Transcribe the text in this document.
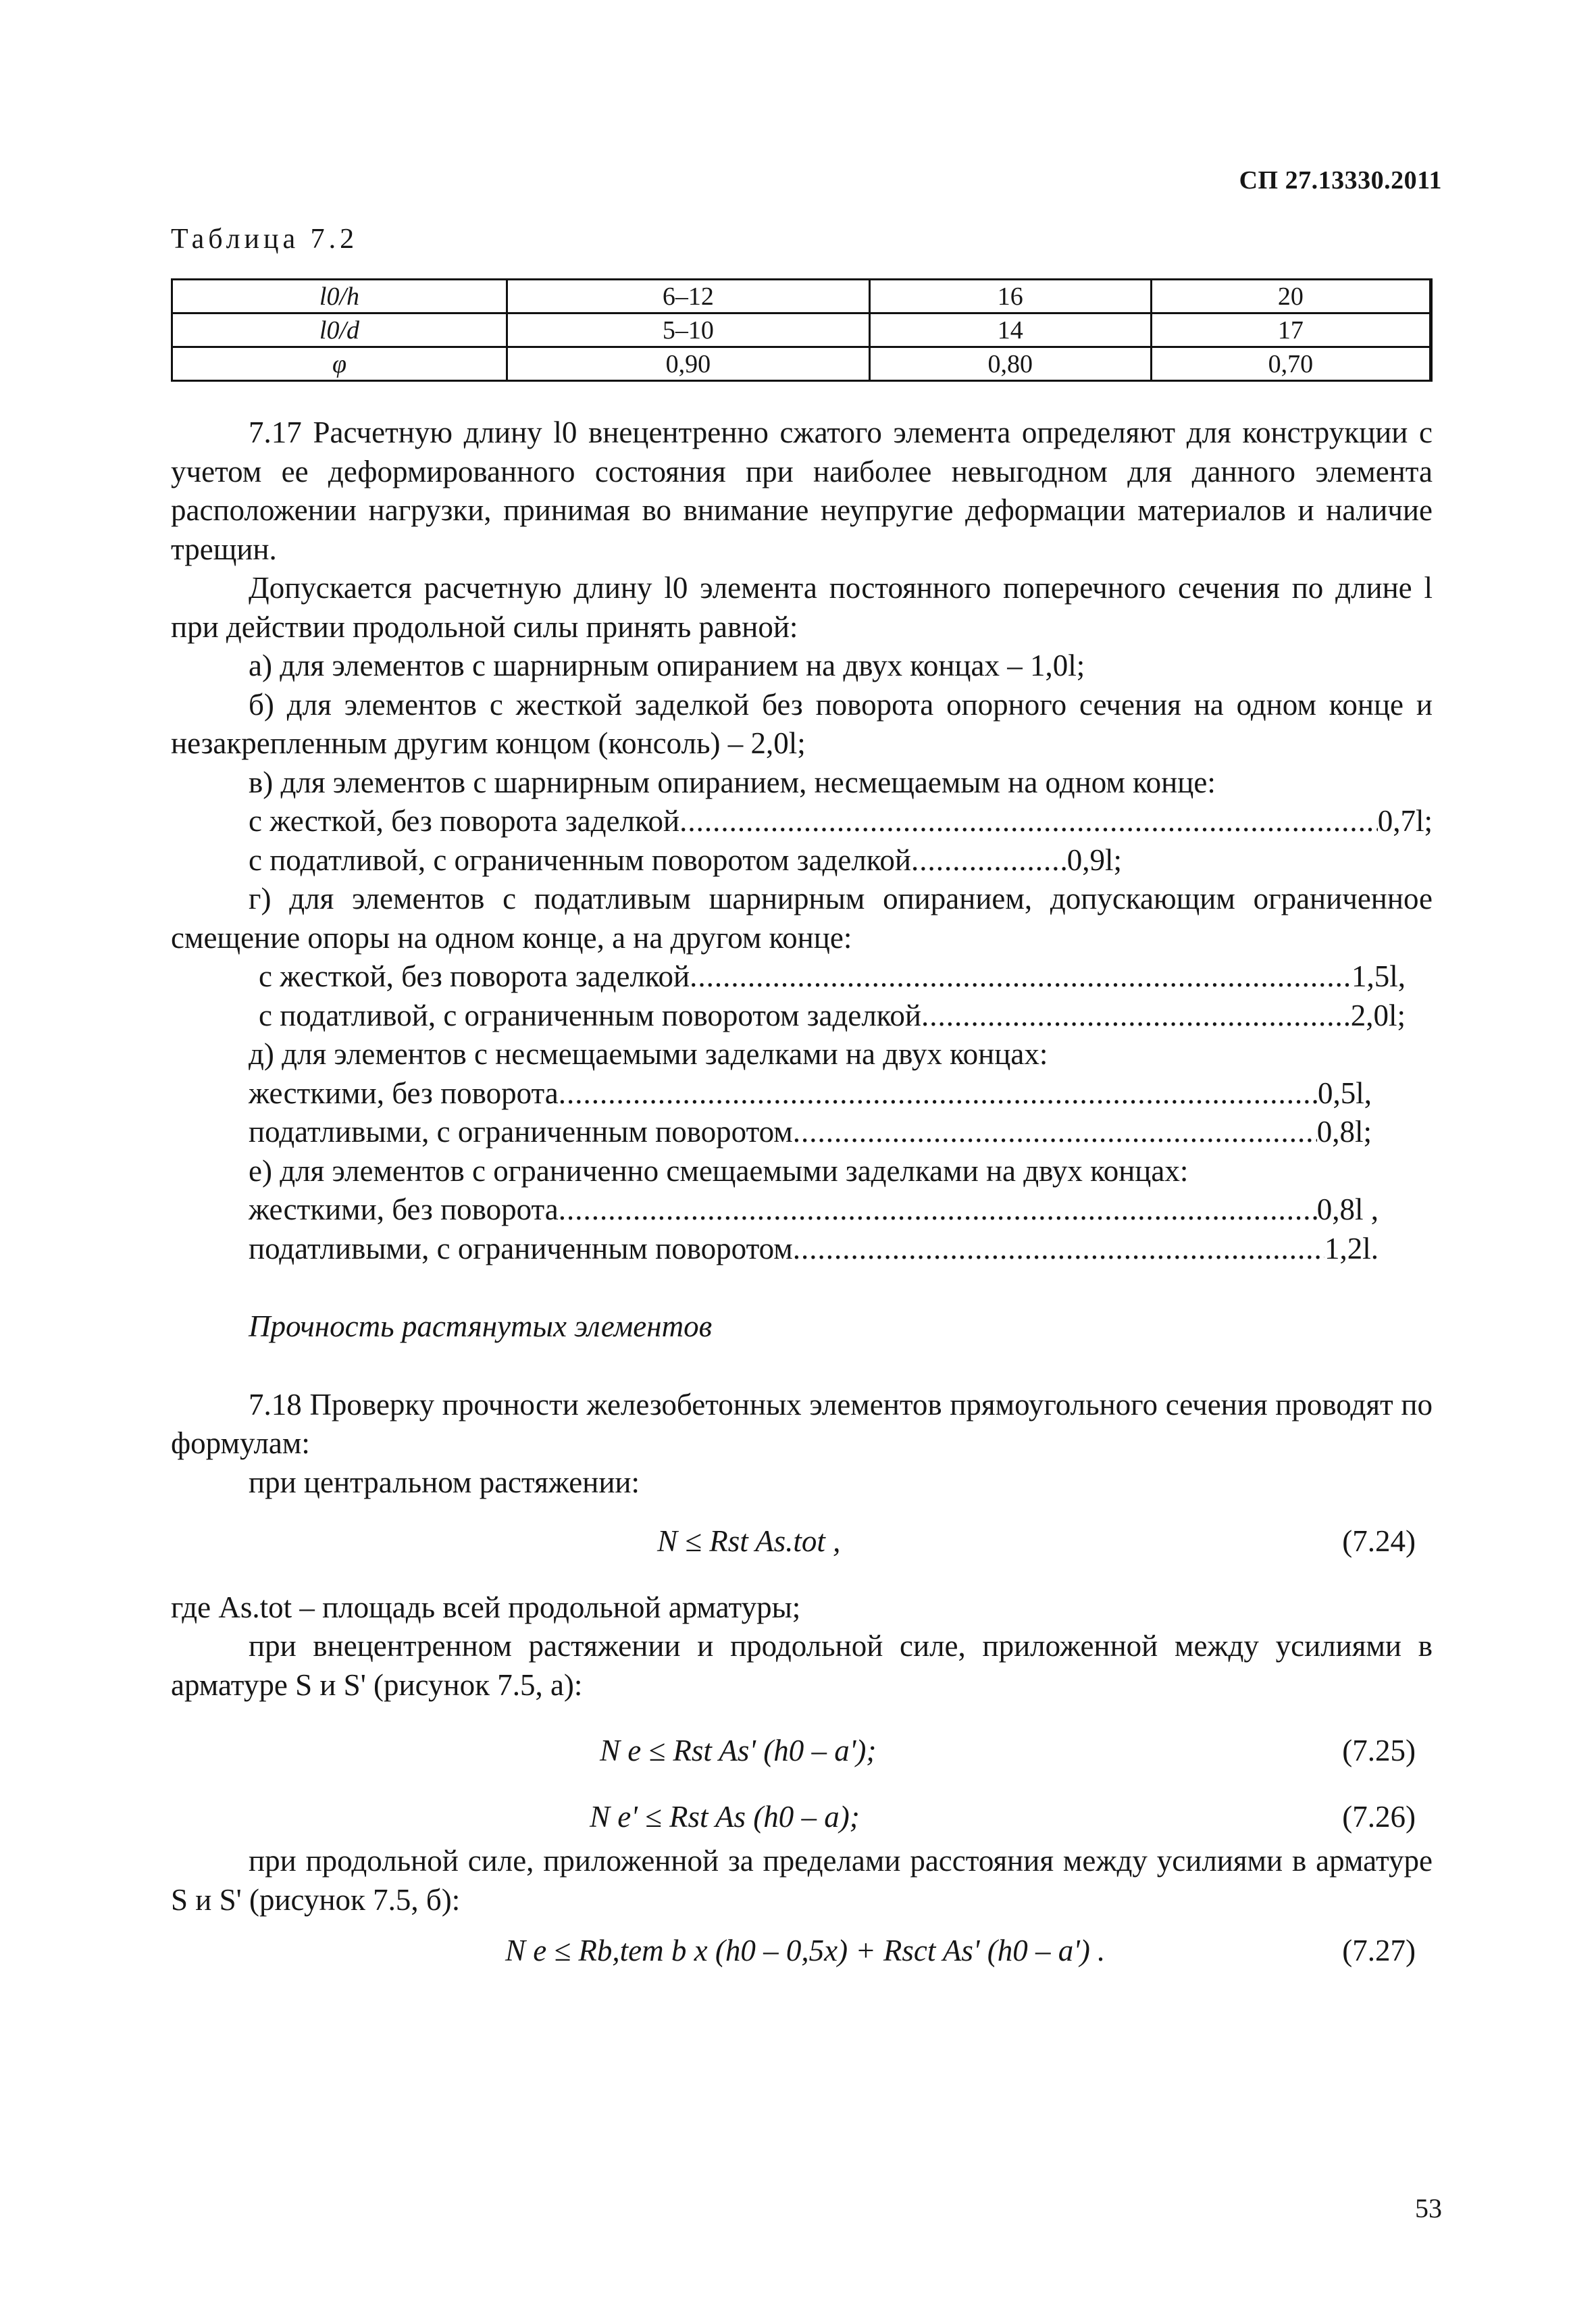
СП 27.13330.2011
Таблица 7.2
l0/h	6–12	16	20
l0/d	5–10	14	17
φ	0,90	0,80	0,70

7.17 Расчетную длину l0 внецентренно сжатого элемента определяют для конструкции с учетом ее деформированного состояния при наиболее невыгодном для данного элемента расположении нагрузки, принимая во внимание неупругие деформации материалов и наличие трещин.

Допускается расчетную длину l0 элемента постоянного поперечного сечения по длине l при действии продольной силы принять равной:

а) для элементов с шарнирным опиранием на двух концах – 1,0l;

б) для элементов с жесткой заделкой без поворота опорного сечения на одном конце и незакрепленным другим концом (консоль) – 2,0l;

в) для элементов с шарнирным опиранием, несмещаемым на одном конце:

с жесткой, без поворота заделкой .....	0,7l;
с податливой, с ограниченным поворотом заделкой .....	0,9l;

г) для элементов с податливым шарнирным опиранием, допускающим ограниченное смещение опоры на одном конце, а на другом конце:

с жесткой, без поворота заделкой .....	1,5l,
с податливой, с ограниченным поворотом заделкой .....	2,0l;

д) для элементов с несмещаемыми заделками на двух концах:

жесткими, без поворота .....	0,5l,
податливыми, с ограниченным поворотом .....	0,8l;

е) для элементов с ограниченно смещаемыми заделками на двух концах:

жесткими, без поворота .....	0,8l ,
податливыми, с ограниченным поворотом .....	1,2l.

Прочность растянутых элементов

7.18 Проверку прочности железобетонных элементов прямоугольного сечения проводят по формулам:

при центральном растяжении:

N ≤ Rst As.tot ,	(7.24)

где As.tot – площадь всей продольной арматуры;

при внецентренном растяжении и продольной силе, приложенной между усилиями в арматуре S и S' (рисунок 7.5, а):

N e ≤ Rst As' (h0 – a');	(7.25)
N e' ≤ Rst As (h0 – a);	(7.26)

при продольной силе, приложенной за пределами расстояния между усилиями в арматуре S и S' (рисунок 7.5, б):

N e ≤ Rb,tem b x (h0 – 0,5x) + Rsct As' (h0 – a') .	(7.27)
53
